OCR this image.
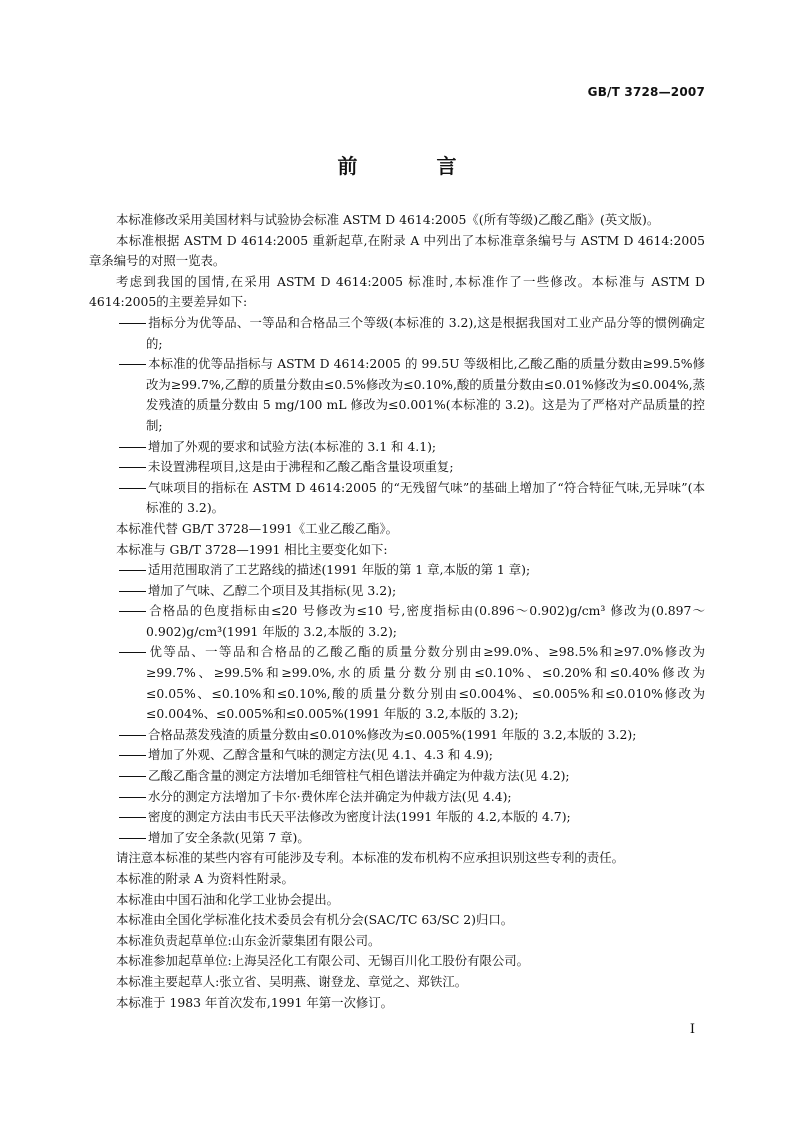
GB/T 3728—2007
前 言

本标准修改采用美国材料与试验协会标准 ASTM D 4614:2005《(所有等级)乙酸乙酯》(英文版)。

本标准根据 ASTM D 4614:2005 重新起草,在附录 A 中列出了本标准章条编号与 ASTM D 4614:2005 章条编号的对照一览表。

考虑到我国的国情,在采用 ASTM D 4614:2005 标准时,本标准作了一些修改。本标准与 ASTM D 4614:2005的主要差异如下:

指标分为优等品、一等品和合格品三个等级(本标准的 3.2),这是根据我国对工业产品分等的惯例确定的;

本标准的优等品指标与 ASTM D 4614:2005 的 99.5U 等级相比,乙酸乙酯的质量分数由≥99.5%修改为≥99.7%,乙醇的质量分数由≤0.5%修改为≤0.10%,酸的质量分数由≤0.01%修改为≤0.004%,蒸发残渣的质量分数由 5 mg/100 mL 修改为≤0.001%(本标准的 3.2)。这是为了严格对产品质量的控制;

增加了外观的要求和试验方法(本标准的 3.1 和 4.1);

未设置沸程项目,这是由于沸程和乙酸乙酯含量设项重复;

气味项目的指标在 ASTM D 4614:2005 的“无残留气味”的基础上增加了“符合特征气味,无异味”(本标准的 3.2)。

本标准代替 GB/T 3728—1991《工业乙酸乙酯》。

本标准与 GB/T 3728—1991 相比主要变化如下:

适用范围取消了工艺路线的描述(1991 年版的第 1 章,本版的第 1 章);

增加了气味、乙醇二个项目及其指标(见 3.2);

合格品的色度指标由≤20 号修改为≤10 号,密度指标由(0.896～0.902)g/cm³ 修改为(0.897～0.902)g/cm³(1991 年版的 3.2,本版的 3.2);

优等品、一等品和合格品的乙酸乙酯的质量分数分别由≥99.0%、≥98.5%和≥97.0%修改为≥99.7%、≥99.5%和≥99.0%,水的质量分数分别由≤0.10%、≤0.20%和≤0.40%修改为≤0.05%、≤0.10%和≤0.10%,酸的质量分数分别由≤0.004%、≤0.005%和≤0.010%修改为≤0.004%、≤0.005%和≤0.005%(1991 年版的 3.2,本版的 3.2);

合格品蒸发残渣的质量分数由≤0.010%修改为≤0.005%(1991 年版的 3.2,本版的 3.2);

增加了外观、乙醇含量和气味的测定方法(见 4.1、4.3 和 4.9);

乙酸乙酯含量的测定方法增加毛细管柱气相色谱法并确定为仲裁方法(见 4.2);

水分的测定方法增加了卡尔·费休库仑法并确定为仲裁方法(见 4.4);

密度的测定方法由韦氏天平法修改为密度计法(1991 年版的 4.2,本版的 4.7);

增加了安全条款(见第 7 章)。

请注意本标准的某些内容有可能涉及专利。本标准的发布机构不应承担识别这些专利的责任。

本标准的附录 A 为资料性附录。

本标准由中国石油和化学工业协会提出。

本标准由全国化学标准化技术委员会有机分会(SAC/TC 63/SC 2)归口。

本标准负责起草单位:山东金沂蒙集团有限公司。

本标准参加起草单位:上海吴泾化工有限公司、无锡百川化工股份有限公司。

本标准主要起草人:张立省、吴明燕、谢登龙、章觉之、郑铁江。

本标准于 1983 年首次发布,1991 年第一次修订。

I
